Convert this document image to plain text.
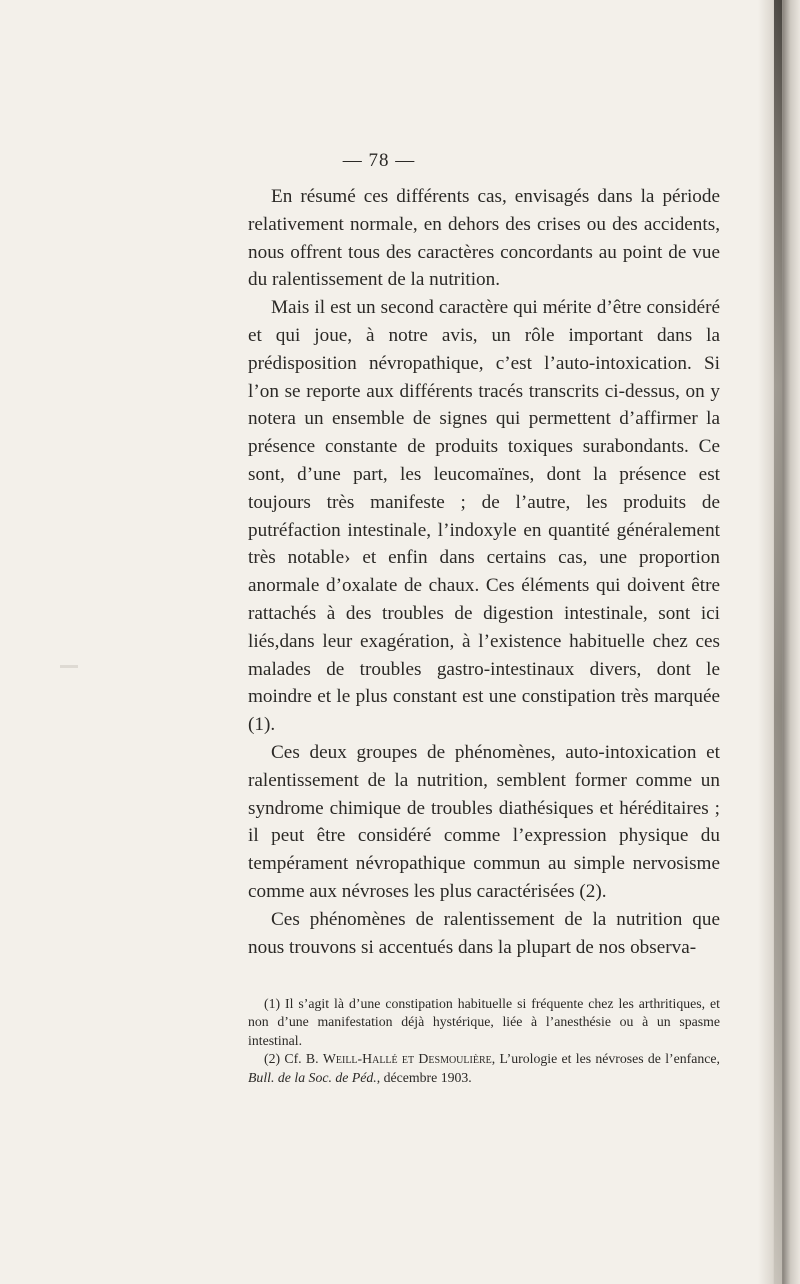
— 78 —

En résumé ces différents cas, envisagés dans la période relativement normale, en dehors des crises ou des accidents, nous offrent tous des caractères concordants au point de vue du ralentissement de la nutrition.

Mais il est un second caractère qui mérite d’être considéré et qui joue, à notre avis, un rôle important dans la prédisposition névropathique, c’est l’auto-intoxication. Si l’on se reporte aux différents tracés transcrits ci-dessus, on y notera un ensemble de signes qui permettent d’affirmer la présence constante de produits toxiques surabondants. Ce sont, d’une part, les leucomaïnes, dont la présence est toujours très manifeste ; de l’autre, les produits de putréfaction intestinale, l’indoxyle en quantité généralement très notable› et enfin dans certains cas, une proportion anormale d’oxalate de chaux. Ces éléments qui doivent être rattachés à des troubles de digestion intestinale, sont ici liés,dans leur exagération, à l’existence habituelle chez ces malades de troubles gastro-intestinaux divers, dont le moindre et le plus constant est une constipation très marquée (1).

Ces deux groupes de phénomènes, auto-intoxication et ralentissement de la nutrition, semblent former comme un syndrome chimique de troubles diathésiques et héréditaires ; il peut être considéré comme l’expression physique du tempérament névropathique commun au simple nervosisme comme aux névroses les plus caractérisées (2).

Ces phénomènes de ralentissement de la nutrition que nous trouvons si accentués dans la plupart de nos observa-

(1) Il s’agit là d’une constipation habituelle si fréquente chez les arthritiques, et non d’une manifestation déjà hystérique, liée à l’anesthésie ou à un spasme intestinal.

(2) Cf. B. Weill-Hallé et Desmoulière, L’urologie et les névroses de l’enfance, Bull. de la Soc. de Péd., décembre 1903.
